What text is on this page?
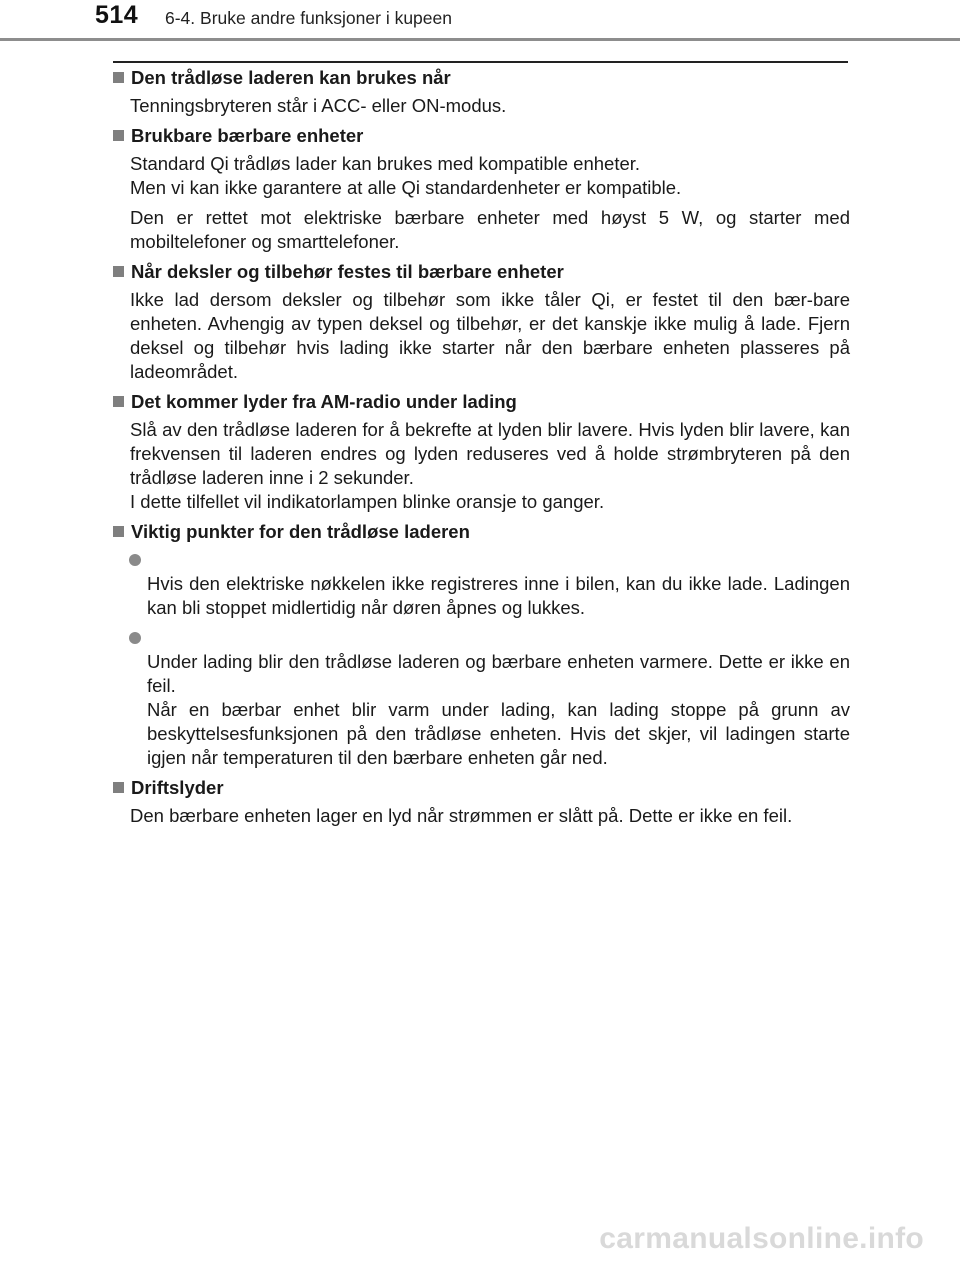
514 6-4. Bruke andre funksjoner i kupeen
Den trådløse laderen kan brukes når

Tenningsbryteren står i ACC- eller ON-modus.

Brukbare bærbare enheter

Standard Qi trådløs lader kan brukes med kompatible enheter.
Men vi kan ikke garantere at alle Qi standardenheter er kompatible.

Den er rettet mot elektriske bærbare enheter med høyst 5 W, og starter med mobiltelefoner og smarttelefoner.

Når deksler og tilbehør festes til bærbare enheter

Ikke lad dersom deksler og tilbehør som ikke tåler Qi, er festet til den bær-bare enheten. Avhengig av typen deksel og tilbehør, er det kanskje ikke mulig å lade. Fjern deksel og tilbehør hvis lading ikke starter når den bærbare enheten plasseres på ladeområdet.

Det kommer lyder fra AM-radio under lading

Slå av den trådløse laderen for å bekrefte at lyden blir lavere. Hvis lyden blir lavere, kan frekvensen til laderen endres og lyden reduseres ved å holde strømbryteren på den trådløse laderen inne i 2 sekunder.
I dette tilfellet vil indikatorlampen blinke oransje to ganger.

Viktig punkter for den trådløse laderen

Hvis den elektriske nøkkelen ikke registreres inne i bilen, kan du ikke lade. Ladingen kan bli stoppet midlertidig når døren åpnes og lukkes.

Under lading blir den trådløse laderen og bærbare enheten varmere. Dette er ikke en feil.
Når en bærbar enhet blir varm under lading, kan lading stoppe på grunn av beskyttelsesfunksjonen på den trådløse enheten. Hvis det skjer, vil ladingen starte igjen når temperaturen til den bærbare enheten går ned.

Driftslyder

Den bærbare enheten lager en lyd når strømmen er slått på. Dette er ikke en feil.

carmanualsonline.info
